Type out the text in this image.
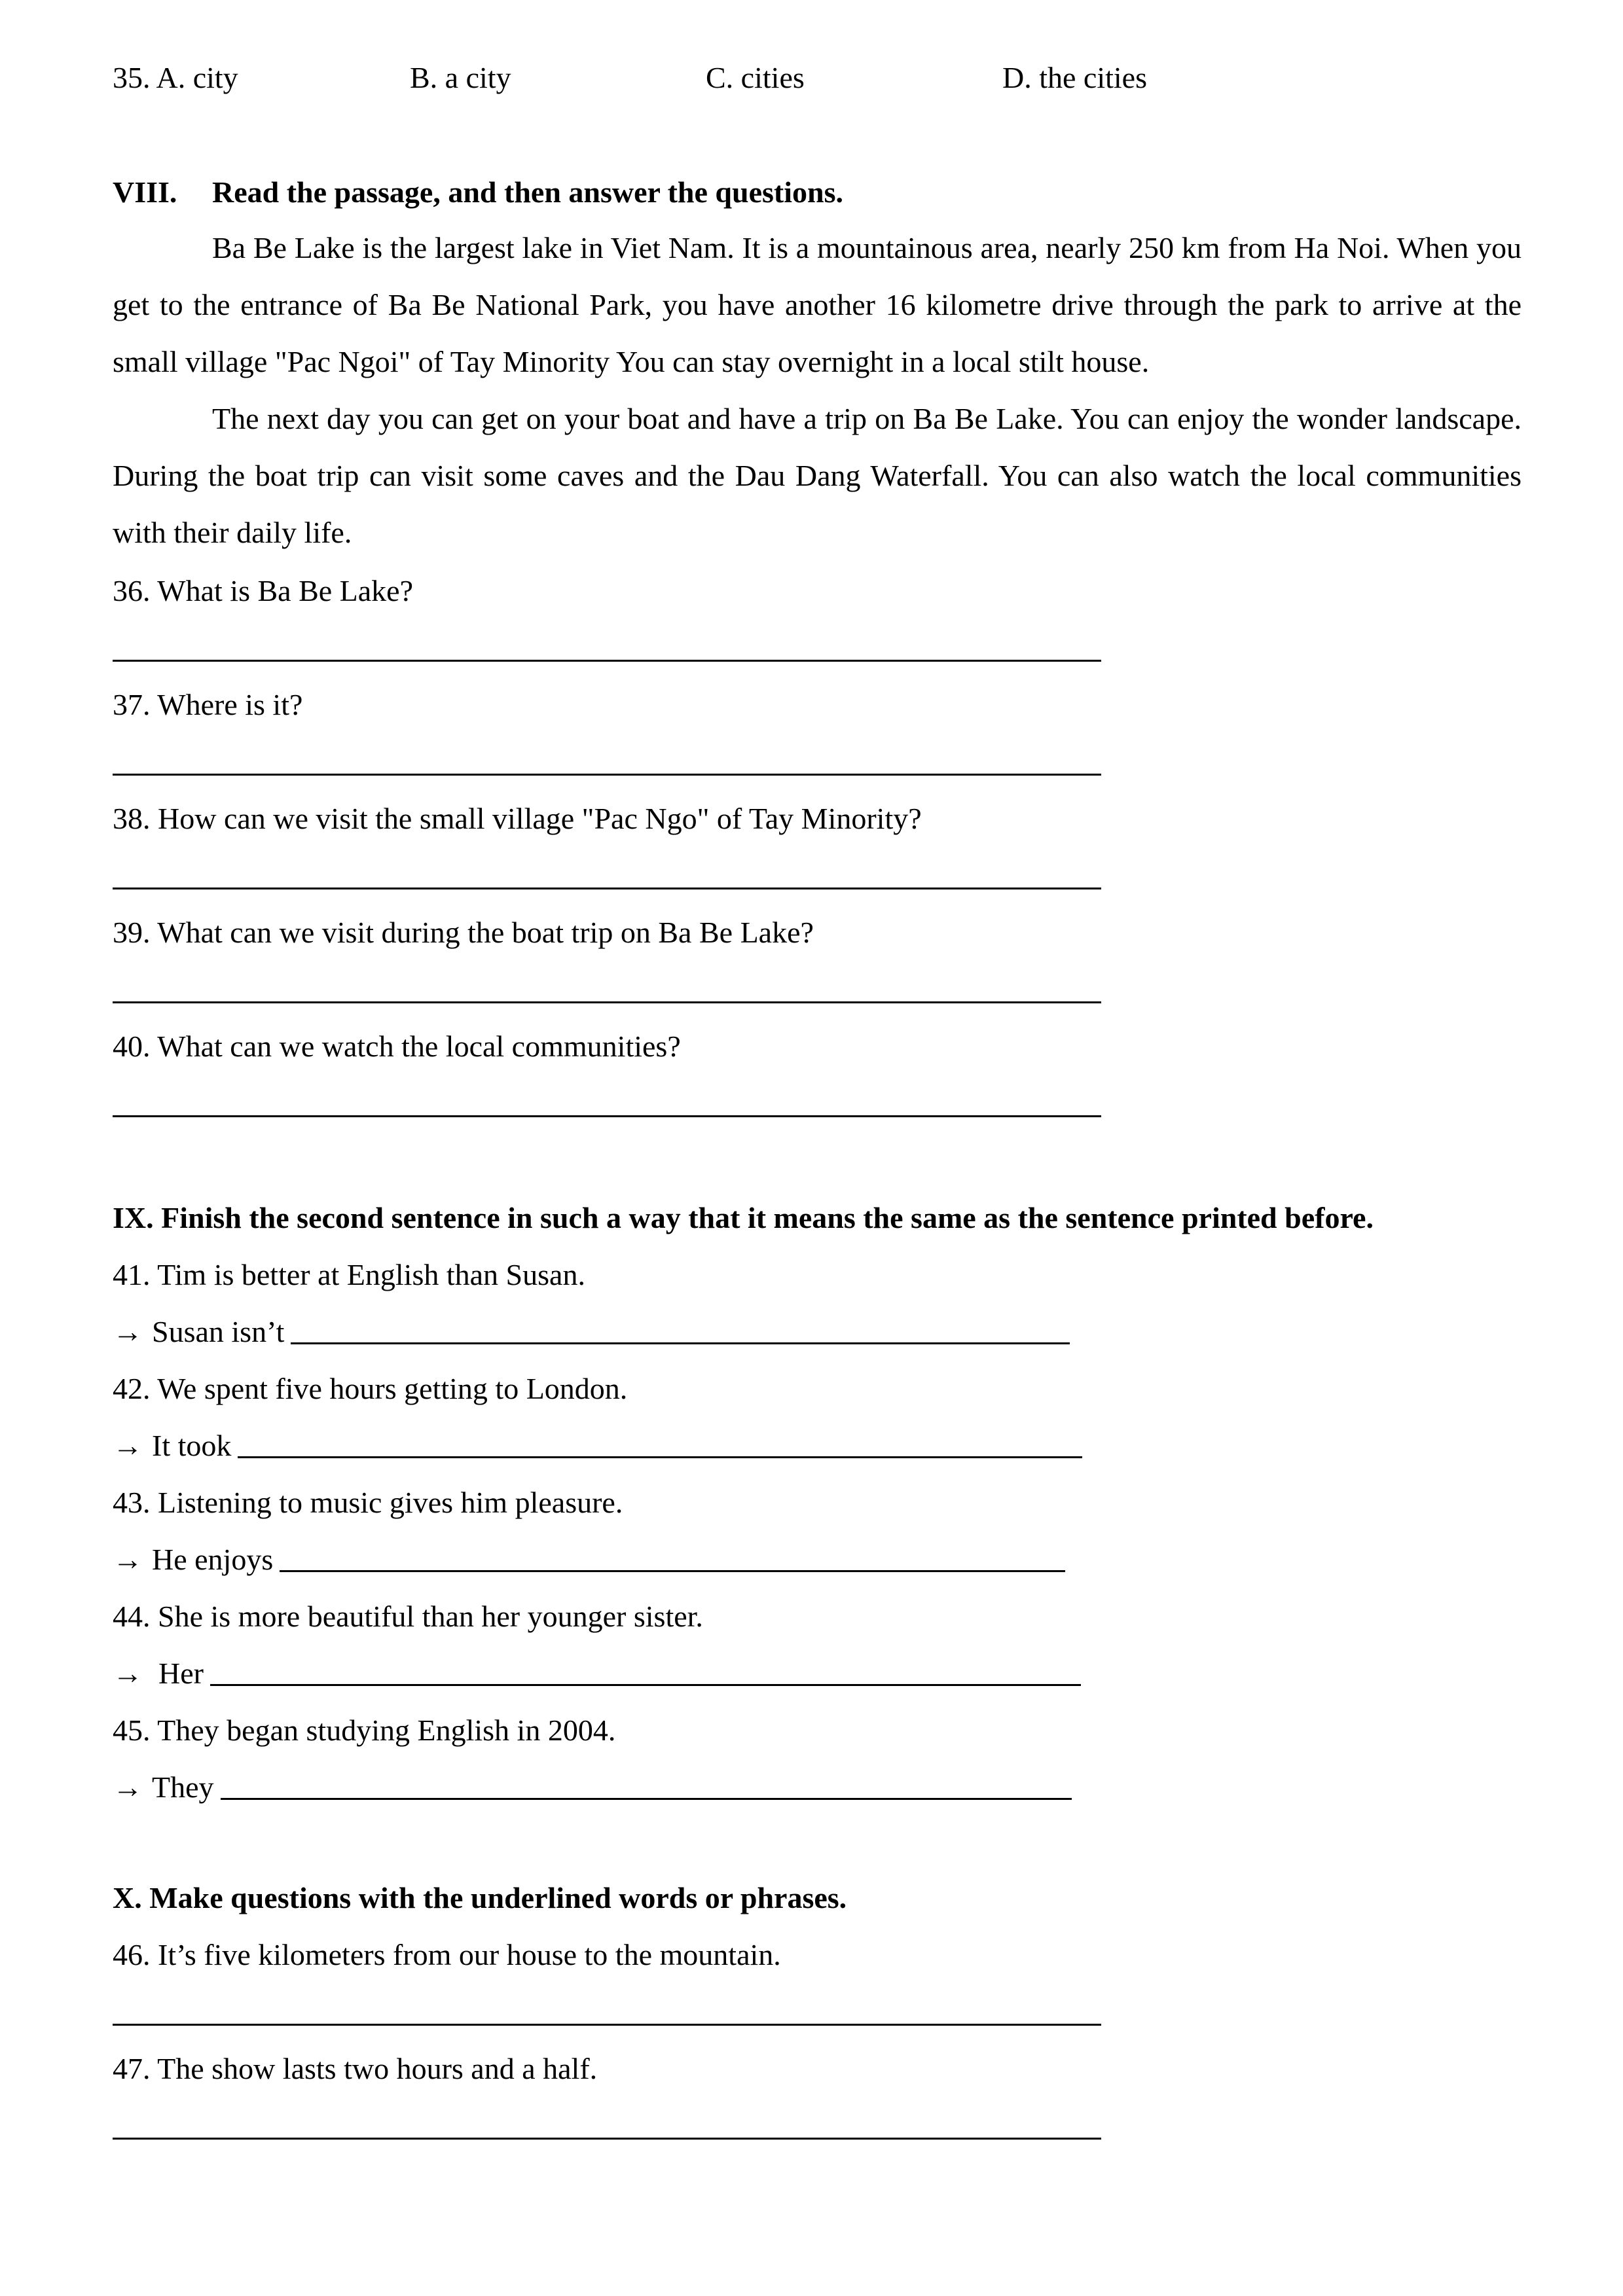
35. A. city	B. a city	C. cities	D. the cities
VIII. Read the passage, and then answer the questions.
Ba Be Lake is the largest lake in Viet Nam. It is a mountainous area, nearly 250 km from Ha Noi. When you get to the entrance of Ba Be National Park, you have another 16 kilometre drive through the park to arrive at the small village "Pac Ngoi" of Tay Minority You can stay overnight in a local stilt house.
The next day you can get on your boat and have a trip on Ba Be Lake. You can enjoy the wonder landscape. During the boat trip can visit some caves and the Dau Dang Waterfall. You can also watch the local communities with their daily life.
36. What is Ba Be Lake?
37. Where is it?
38. How can we visit the small village "Pac Ngo" of Tay Minority?
39. What can we visit during the boat trip on Ba Be Lake?
40. What can we watch the local communities?
IX. Finish the second sentence in such a way that it means the same as the sentence printed before.
41. Tim is better at English than Susan.
→ Susan isn’t
42. We spent five hours getting to London.
→ It took
43. Listening to music gives him pleasure.
→ He enjoys
44. She is more beautiful than her younger sister.
→ Her
45. They began studying English in 2004.
→ They
X. Make questions with the underlined words or phrases.
46. It’s five kilometers from our house to the mountain.
47. The show lasts two hours and a half.
